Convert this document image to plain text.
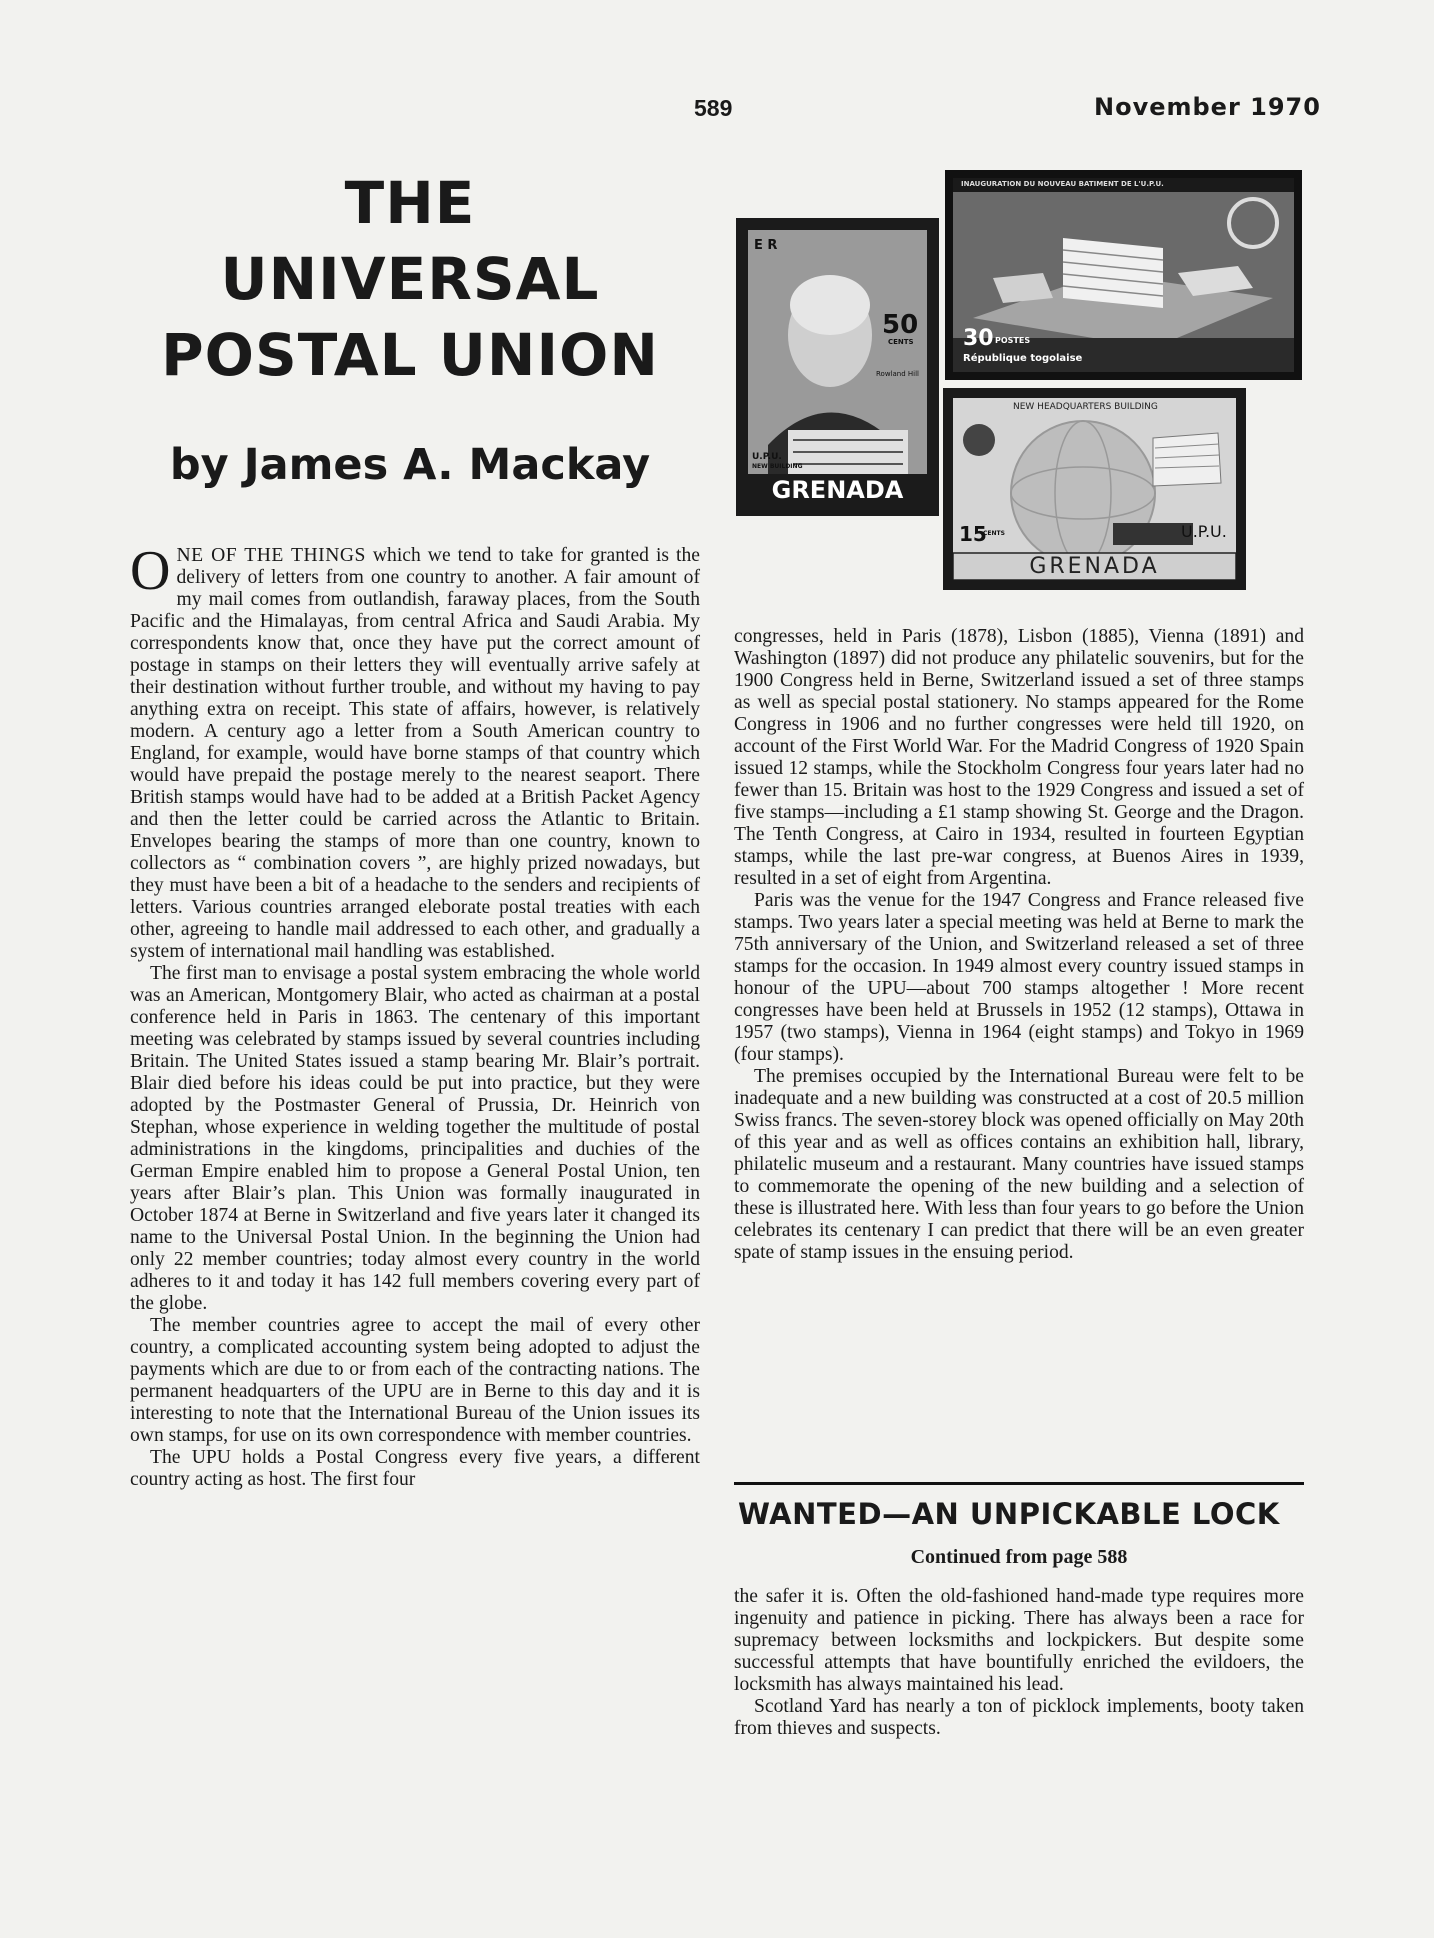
589	November 1970
THE
UNIVERSAL
POSTAL UNION
by James A. Mackay
E R
50
CENTS
Rowland Hill
U.P.U.
NEW BUILDING
GRENADA
INAUGURATION DU NOUVEAU BATIMENT DE L'U.P.U.
30 POSTES
République togolaise
NEW HEADQUARTERS BUILDING
15
CENTS	U.P.U.
GRENADA

ONE OF THE THINGS which we tend to take for granted is the delivery of letters from one country to another. A fair amount of my mail comes from outlandish, faraway places, from the South Pacific and the Himalayas, from central Africa and Saudi Arabia. My correspondents know that, once they have put the correct amount of postage in stamps on their letters they will eventually arrive safely at their destination without further trouble, and without my having to pay anything extra on receipt. This state of affairs, however, is relatively modern. A century ago a letter from a South American country to England, for example, would have borne stamps of that country which would have prepaid the postage merely to the nearest seaport. There British stamps would have had to be added at a British Packet Agency and then the letter could be carried across the Atlantic to Britain. Envelopes bearing the stamps of more than one country, known to collectors as “ combination covers ”, are highly prized nowadays, but they must have been a bit of a headache to the senders and recipients of letters. Various countries arranged eleborate postal treaties with each other, agreeing to handle mail addressed to each other, and gradually a system of international mail handling was established.

The first man to envisage a postal system embracing the whole world was an American, Montgomery Blair, who acted as chairman at a postal conference held in Paris in 1863. The centenary of this important meeting was celebrated by stamps issued by several countries including Britain. The United States issued a stamp bearing Mr. Blair’s portrait. Blair died before his ideas could be put into practice, but they were adopted by the Postmaster General of Prussia, Dr. Heinrich von Stephan, whose experience in welding together the multitude of postal administrations in the kingdoms, principalities and duchies of the German Empire enabled him to propose a General Postal Union, ten years after Blair’s plan. This Union was formally inaugurated in October 1874 at Berne in Switzerland and five years later it changed its name to the Universal Postal Union. In the beginning the Union had only 22 member countries; today almost every country in the world adheres to it and today it has 142 full members covering every part of the globe.

The member countries agree to accept the mail of every other country, a complicated accounting system being adopted to adjust the payments which are due to or from each of the contracting nations. The permanent headquarters of the UPU are in Berne to this day and it is interesting to note that the International Bureau of the Union issues its own stamps, for use on its own correspondence with member countries.

The UPU holds a Postal Congress every five years, a different country acting as host. The first four

congresses, held in Paris (1878), Lisbon (1885), Vienna (1891) and Washington (1897) did not produce any philatelic souvenirs, but for the 1900 Congress held in Berne, Switzerland issued a set of three stamps as well as special postal stationery. No stamps appeared for the Rome Congress in 1906 and no further congresses were held till 1920, on account of the First World War. For the Madrid Congress of 1920 Spain issued 12 stamps, while the Stockholm Congress four years later had no fewer than 15. Britain was host to the 1929 Congress and issued a set of five stamps—including a £1 stamp showing St. George and the Dragon. The Tenth Congress, at Cairo in 1934, resulted in fourteen Egyptian stamps, while the last pre-war congress, at Buenos Aires in 1939, resulted in a set of eight from Argentina.

Paris was the venue for the 1947 Congress and France released five stamps. Two years later a special meeting was held at Berne to mark the 75th anniversary of the Union, and Switzerland released a set of three stamps for the occasion. In 1949 almost every country issued stamps in honour of the UPU—about 700 stamps altogether ! More recent congresses have been held at Brussels in 1952 (12 stamps), Ottawa in 1957 (two stamps), Vienna in 1964 (eight stamps) and Tokyo in 1969 (four stamps).

The premises occupied by the International Bureau were felt to be inadequate and a new building was constructed at a cost of 20.5 million Swiss francs. The seven-storey block was opened officially on May 20th of this year and as well as offices contains an exhibition hall, library, philatelic museum and a restaurant. Many countries have issued stamps to commemorate the opening of the new building and a selection of these is illustrated here. With less than four years to go before the Union celebrates its centenary I can predict that there will be an even greater spate of stamp issues in the ensuing period.

WANTED—AN UNPICKABLE LOCK
Continued from page 588

the safer it is. Often the old-fashioned hand-made type requires more ingenuity and patience in picking. There has always been a race for supremacy between locksmiths and lockpickers. But despite some successful attempts that have bountifully enriched the evildoers, the locksmith has always maintained his lead.

Scotland Yard has nearly a ton of picklock implements, booty taken from thieves and suspects.
